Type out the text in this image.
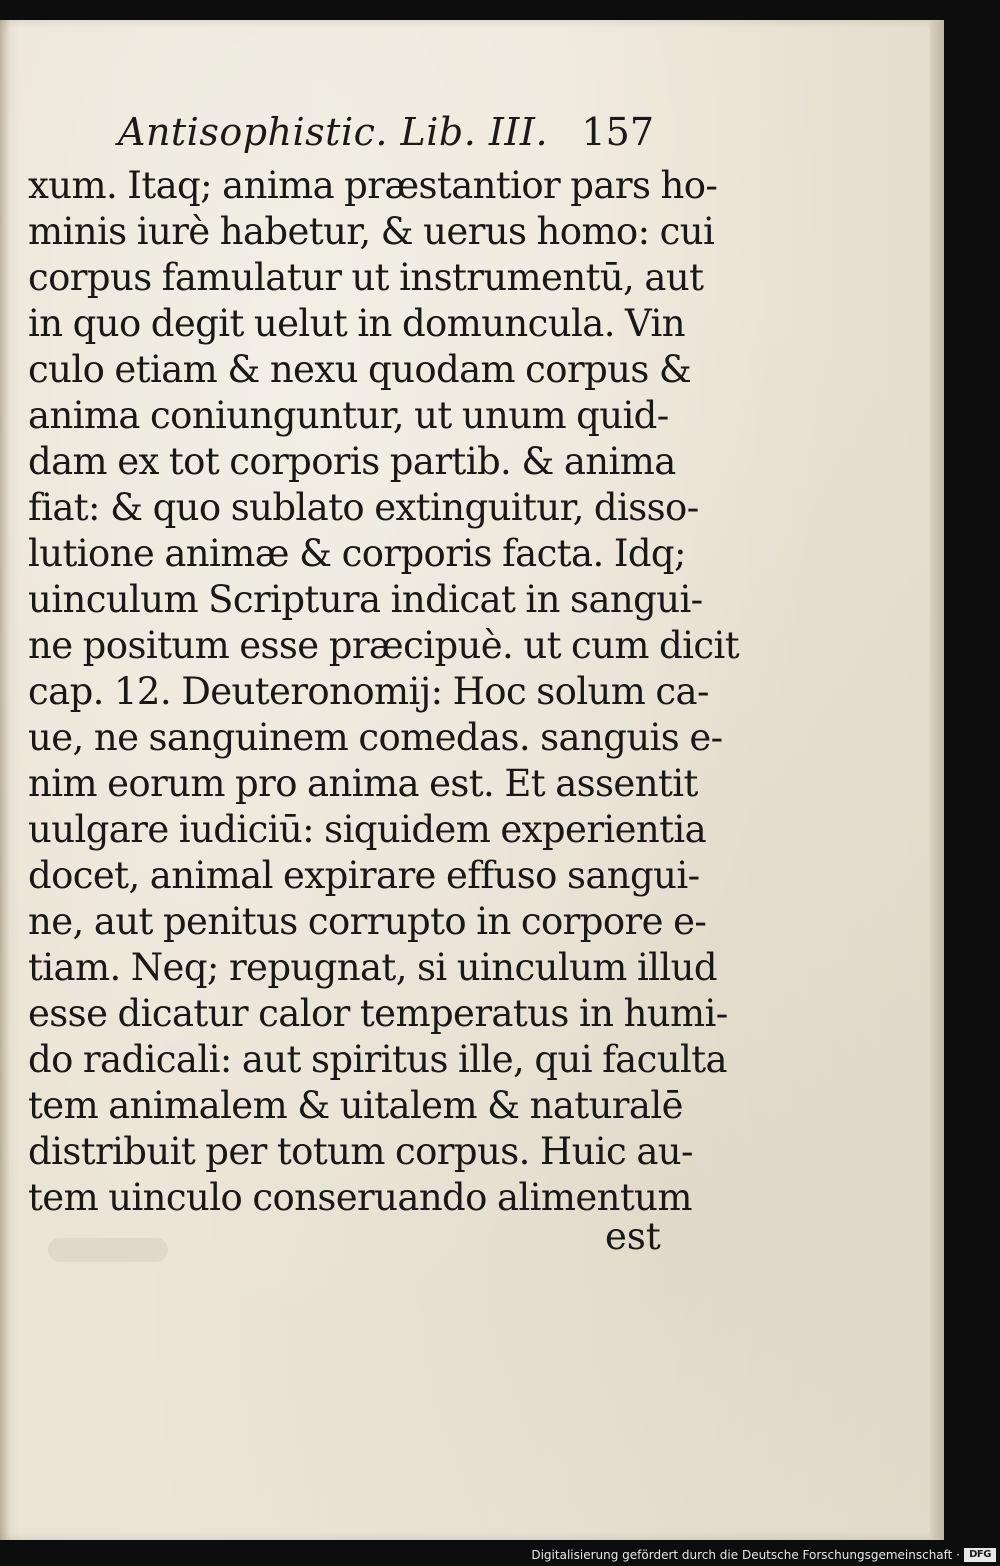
Antisophistic. Lib. III. 157
xum. Itaq; anima præstantior pars ho-
minis iurè habetur, & uerus homo: cui
corpus famulatur ut instrumentū, aut
in quo degit uelut in domuncula. Vin
culo etiam & nexu quodam corpus &
anima coniunguntur, ut unum quid-
dam ex tot corporis partib. & anima
fiat: & quo sublato extinguitur, disso-
lutione animæ & corporis facta. Idq;
uinculum Scriptura indicat in sangui-
ne positum esse præcipuè. ut cum dicit
cap. 12. Deuteronomij: Hoc solum ca-
ue, ne sanguinem comedas. sanguis e-
nim eorum pro anima est. Et assentit
uulgare iudiciū: siquidem experientia
docet, animal expirare effuso sangui-
ne, aut penitus corrupto in corpore e-
tiam. Neq; repugnat, si uinculum illud
esse dicatur calor temperatus in humi-
do radicali: aut spiritus ille, qui faculta
tem animalem & uitalem & naturalē
distribuit per totum corpus. Huic au-
tem uinculo conseruando alimentum
est
Digitalisierung gefördert durch die Deutsche Forschungsgemeinschaft · DFG
